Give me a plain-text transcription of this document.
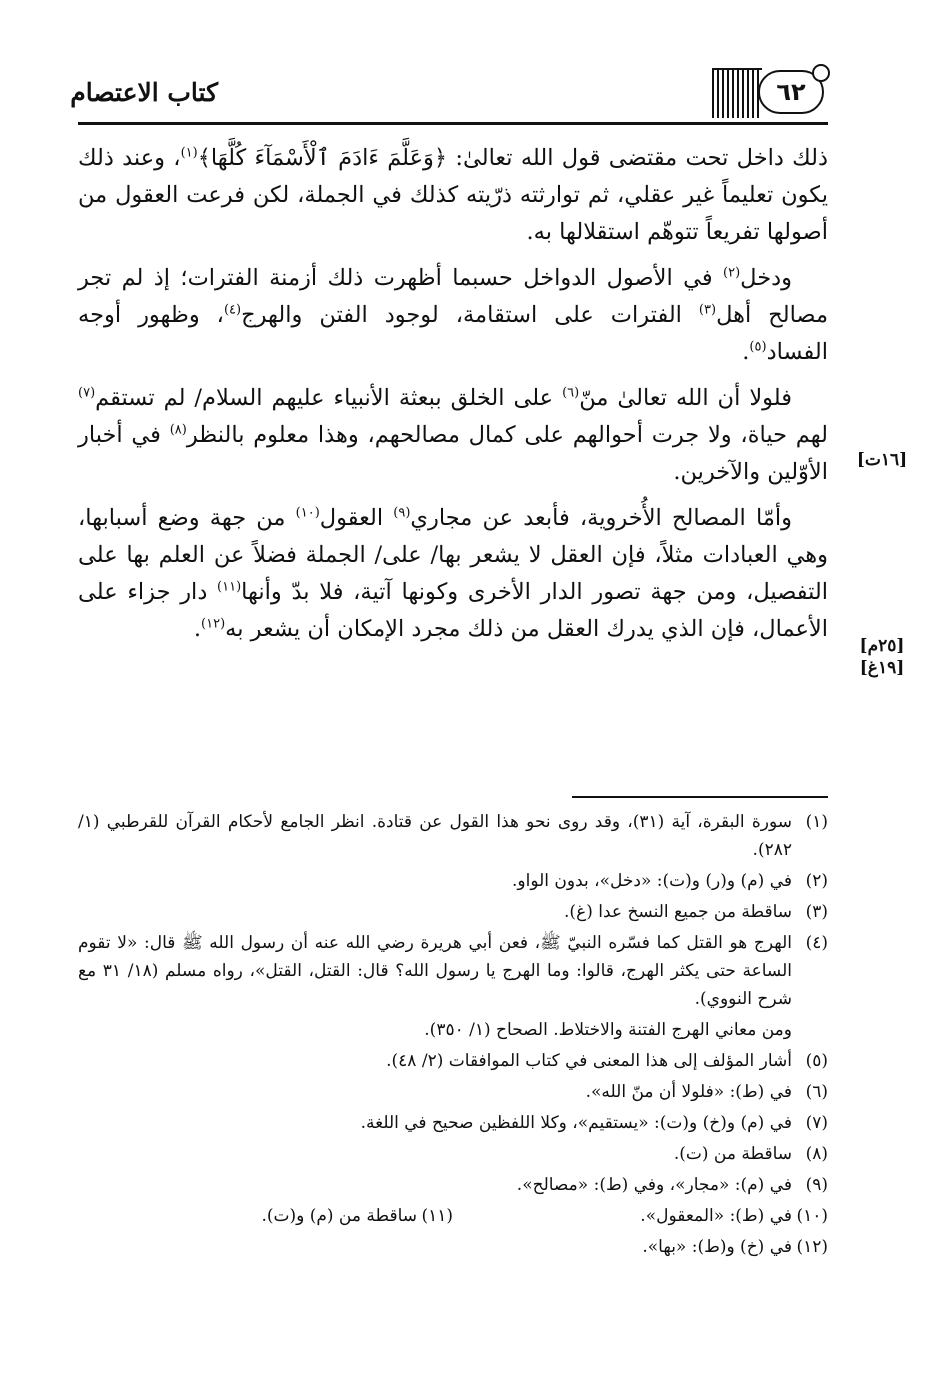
كتاب الاعتصام	٦٢

ذلك داخل تحت مقتضى قول الله تعالىٰ: ﴿وَعَلَّمَ ءَادَمَ ٱلْأَسْمَآءَ كُلَّهَا﴾$^{(١)}$، وعند ذلك يكون تعليماً غير عقلي، ثم توارثته ذرّيته كذلك في الجملة، لكن فرعت العقول من أصولها تفريعاً تتوهّم استقلالها به.

ودخل$^{(٢)}$ في الأصول الدواخل حسبما أظهرت ذلك أزمنة الفترات؛ إذ لم تجر مصالح أهل$^{(٣)}$ الفترات على استقامة، لوجود الفتن والهرج$^{(٤)}$، وظهور أوجه الفساد$^{(٥)}$.

فلولا أن الله تعالىٰ منّ$^{(٦)}$ على الخلق ببعثة الأنبياء عليهم السلام/ لم تستقم$^{(٧)}$ لهم حياة، ولا جرت أحوالهم على كمال مصالحهم، وهذا معلوم بالنظر$^{(٨)}$ في أخبار الأوّلين والآخرين.

وأمّا المصالح الأُخروية، فأبعد عن مجاري$^{(٩)}$ العقول$^{(١٠)}$ من جهة وضع أسبابها، وهي العبادات مثلاً، فإن العقل لا يشعر بها/ على/ الجملة فضلاً عن العلم بها على التفصيل، ومن جهة تصور الدار الأخرى وكونها آتية، فلا بدّ وأنها$^{(١١)}$ دار جزاء على الأعمال، فإن الذي يدرك العقل من ذلك مجرد الإمكان أن يشعر به$^{(١٢)}$.

[١٦ت]
[٢٥م]
[١٩غ]
(١)
سورة البقرة، آية (٣١)، وقد روى نحو هذا القول عن قتادة. انظر الجامع لأحكام القرآن للقرطبي (١/ ٢٨٢).
(٢)
في (م) و(ر) و(ت): «دخل»، بدون الواو.
(٣)
ساقطة من جميع النسخ عدا (غ).
(٤)
الهرج هو القتل كما فسّره النبيّ ﷺ، فعن أبي هريرة رضي الله عنه أن رسول الله ﷺ قال: «لا تقوم الساعة حتى يكثر الهرج، قالوا: وما الهرج يا رسول الله؟ قال: القتل، القتل»، رواه مسلم (١٨/ ٣١ مع شرح النووي).
ومن معاني الهرج الفتنة والاختلاط. الصحاح (١/ ٣٥٠).
(٥)
أشار المؤلف إلى هذا المعنى في كتاب الموافقات (٢/ ٤٨).
(٦)
في (ط): «فلولا أن منّ الله».
(٧)
في (م) و(خ) و(ت): «يستقيم»، وكلا اللفظين صحيح في اللغة.
(٨)
ساقطة من (ت).
(٩)
في (م): «مجار»، وفي (ط): «مصالح».
(١٠)
في (ط): «المعقول».
(١١)
ساقطة من (م) و(ت).
(١٢)
في (خ) و(ط): «بها».
